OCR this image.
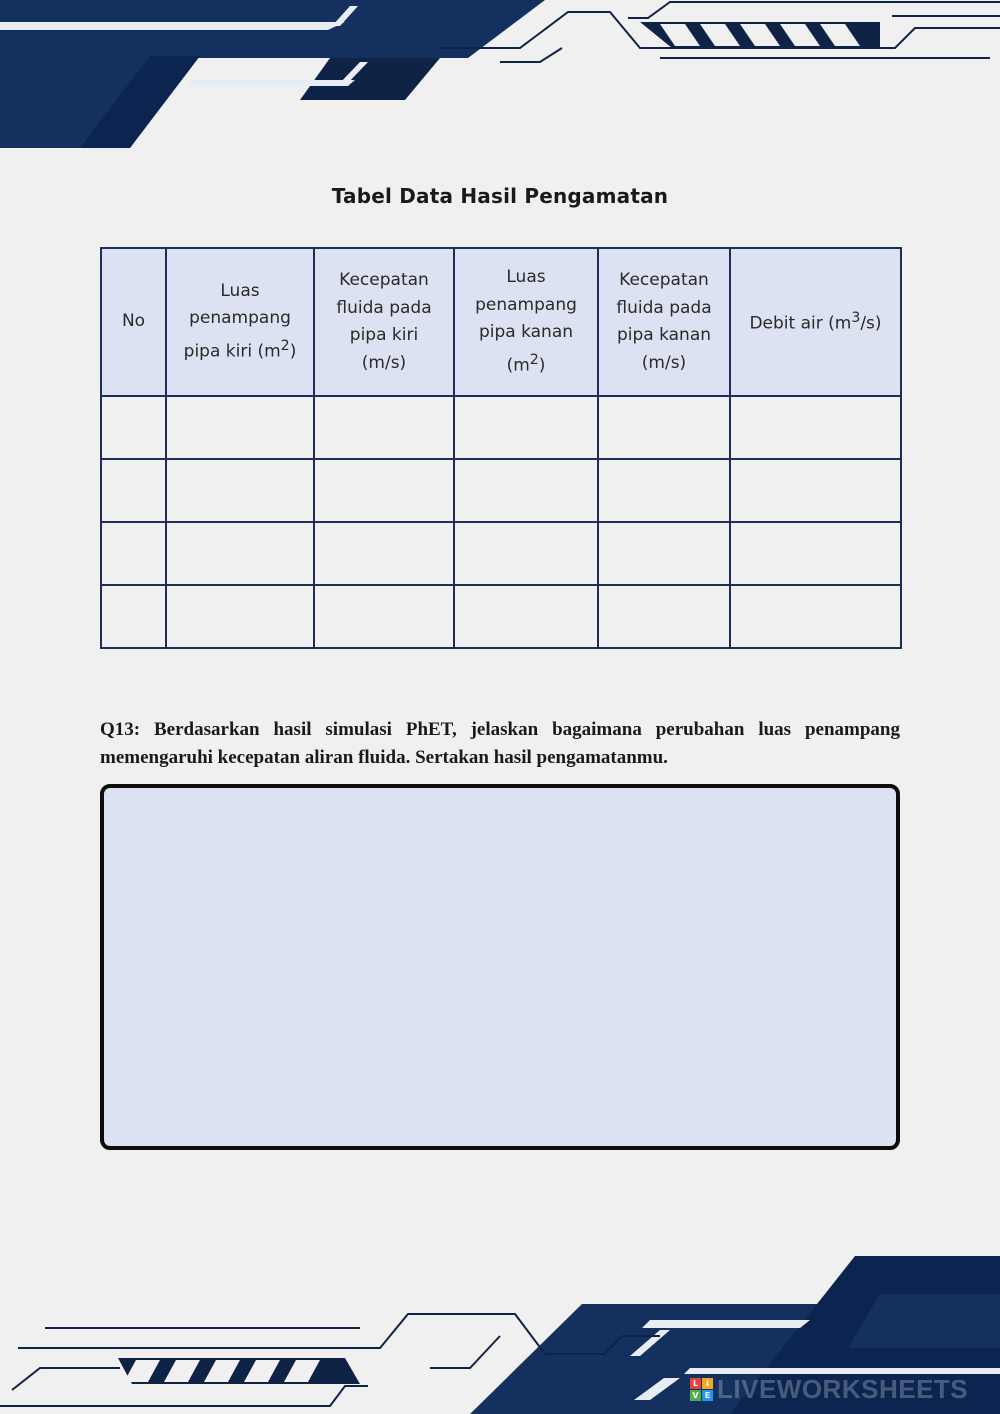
Tabel Data Hasil Pengamatan
No	Luas penampang pipa kiri $(m^2)$	Kecepatan fluida pada pipa kiri (m/s)	Luas penampang pipa kanan $(m^2)$	Kecepatan fluida pada pipa kanan (m/s)	Debit air $(m^3/s)$

Q13: Berdasarkan hasil simulasi PhET, jelaskan bagaimana perubahan luas penampang memengaruhi kecepatan aliran fluida. Sertakan hasil pengamatanmu.

L I
V E LIVEWORKSHEETS
